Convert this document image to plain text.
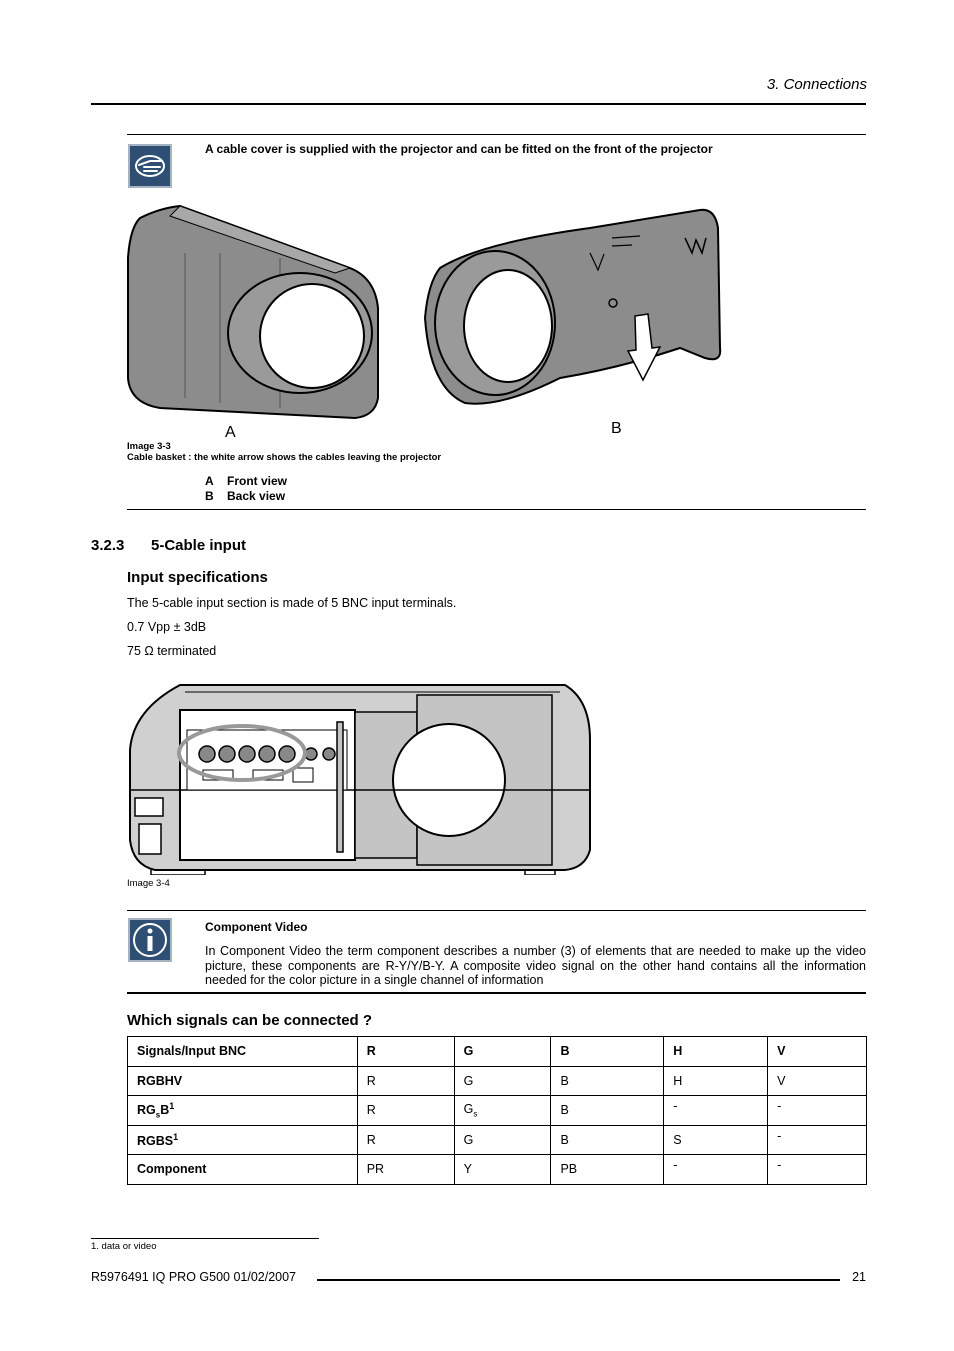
3. Connections
A cable cover is supplied with the projector and can be fitted on the front of the projector
A	B
Image 3-3
Cable basket : the white arrow shows the cables leaving the projector
A Front view
B Back view
3.2.3 5-Cable input
Input specifications
The 5-cable input section is made of 5 BNC input terminals.
0.7 Vpp ± 3dB
75 Ω terminated
Image 3-4
Component Video
In Component Video the term component describes a number (3) of elements that are needed to make up the video picture, these components are R-Y/Y/B-Y. A composite video signal on the other hand contains all the information needed for the color picture in a single channel of information
Which signals can be connected ?
Signals/Input BNC	R	G	B	H	V
RGBHV	R	G	B	H	V
$RG_sB^1$	R	$G_s$	B	-	-
RGBS$^1$	R	G	B	S	-
Component	PR	Y	PB	-	-
1. data or video
R5976491 IQ PRO G500 01/02/2007	21
